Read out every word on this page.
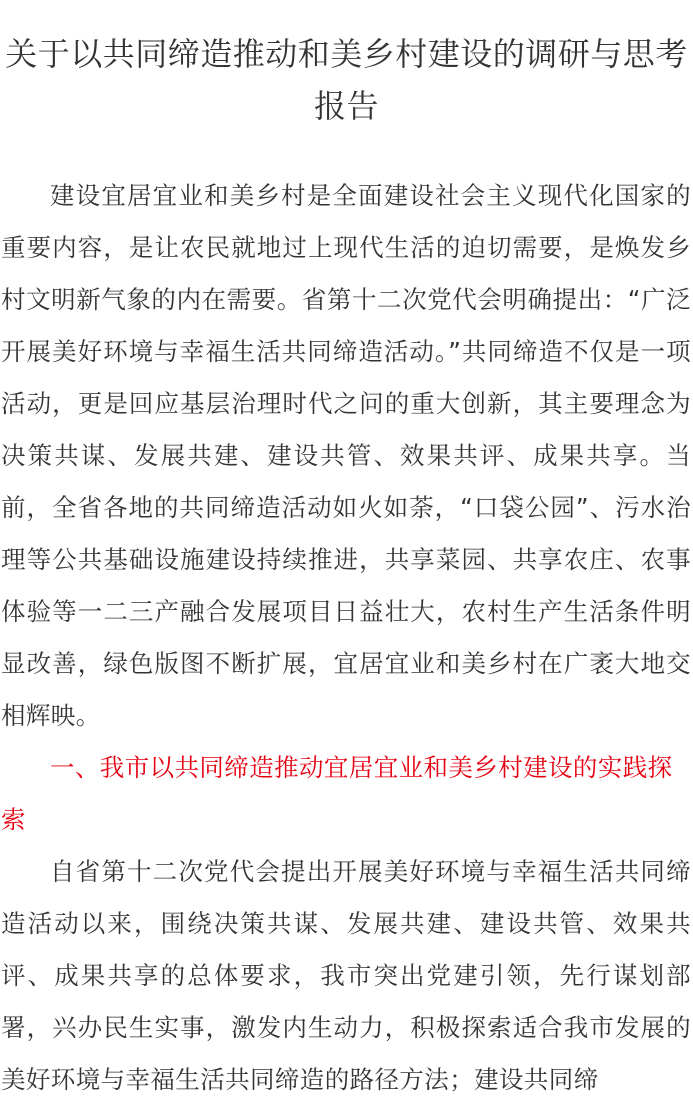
关于以共同缔造推动和美乡村建设的调研与思考报告

建设宜居宜业和美乡村是全面建设社会主义现代化国家的重要内容，是让农民就地过上现代生活的迫切需要，是焕发乡村文明新气象的内在需要。省第十二次党代会明确提出：“广泛开展美好环境与幸福生活共同缔造活动。”共同缔造不仅是一项活动，更是回应基层治理时代之问的重大创新，其主要理念为决策共谋、发展共建、建设共管、效果共评、成果共享。当前，全省各地的共同缔造活动如火如荼，“口袋公园”、污水治理等公共基础设施建设持续推进，共享菜园、共享农庄、农事体验等一二三产融合发展项目日益壮大，农村生产生活条件明显改善，绿色版图不断扩展，宜居宜业和美乡村在广袤大地交相辉映。

一、我市以共同缔造推动宜居宜业和美乡村建设的实践探索

自省第十二次党代会提出开展美好环境与幸福生活共同缔造活动以来，围绕决策共谋、发展共建、建设共管、效果共评、成果共享的总体要求，我市突出党建引领，先行谋划部署，兴办民生实事，激发内生动力，积极探索适合我市发展的美好环境与幸福生活共同缔造的路径方法；建设共同缔
